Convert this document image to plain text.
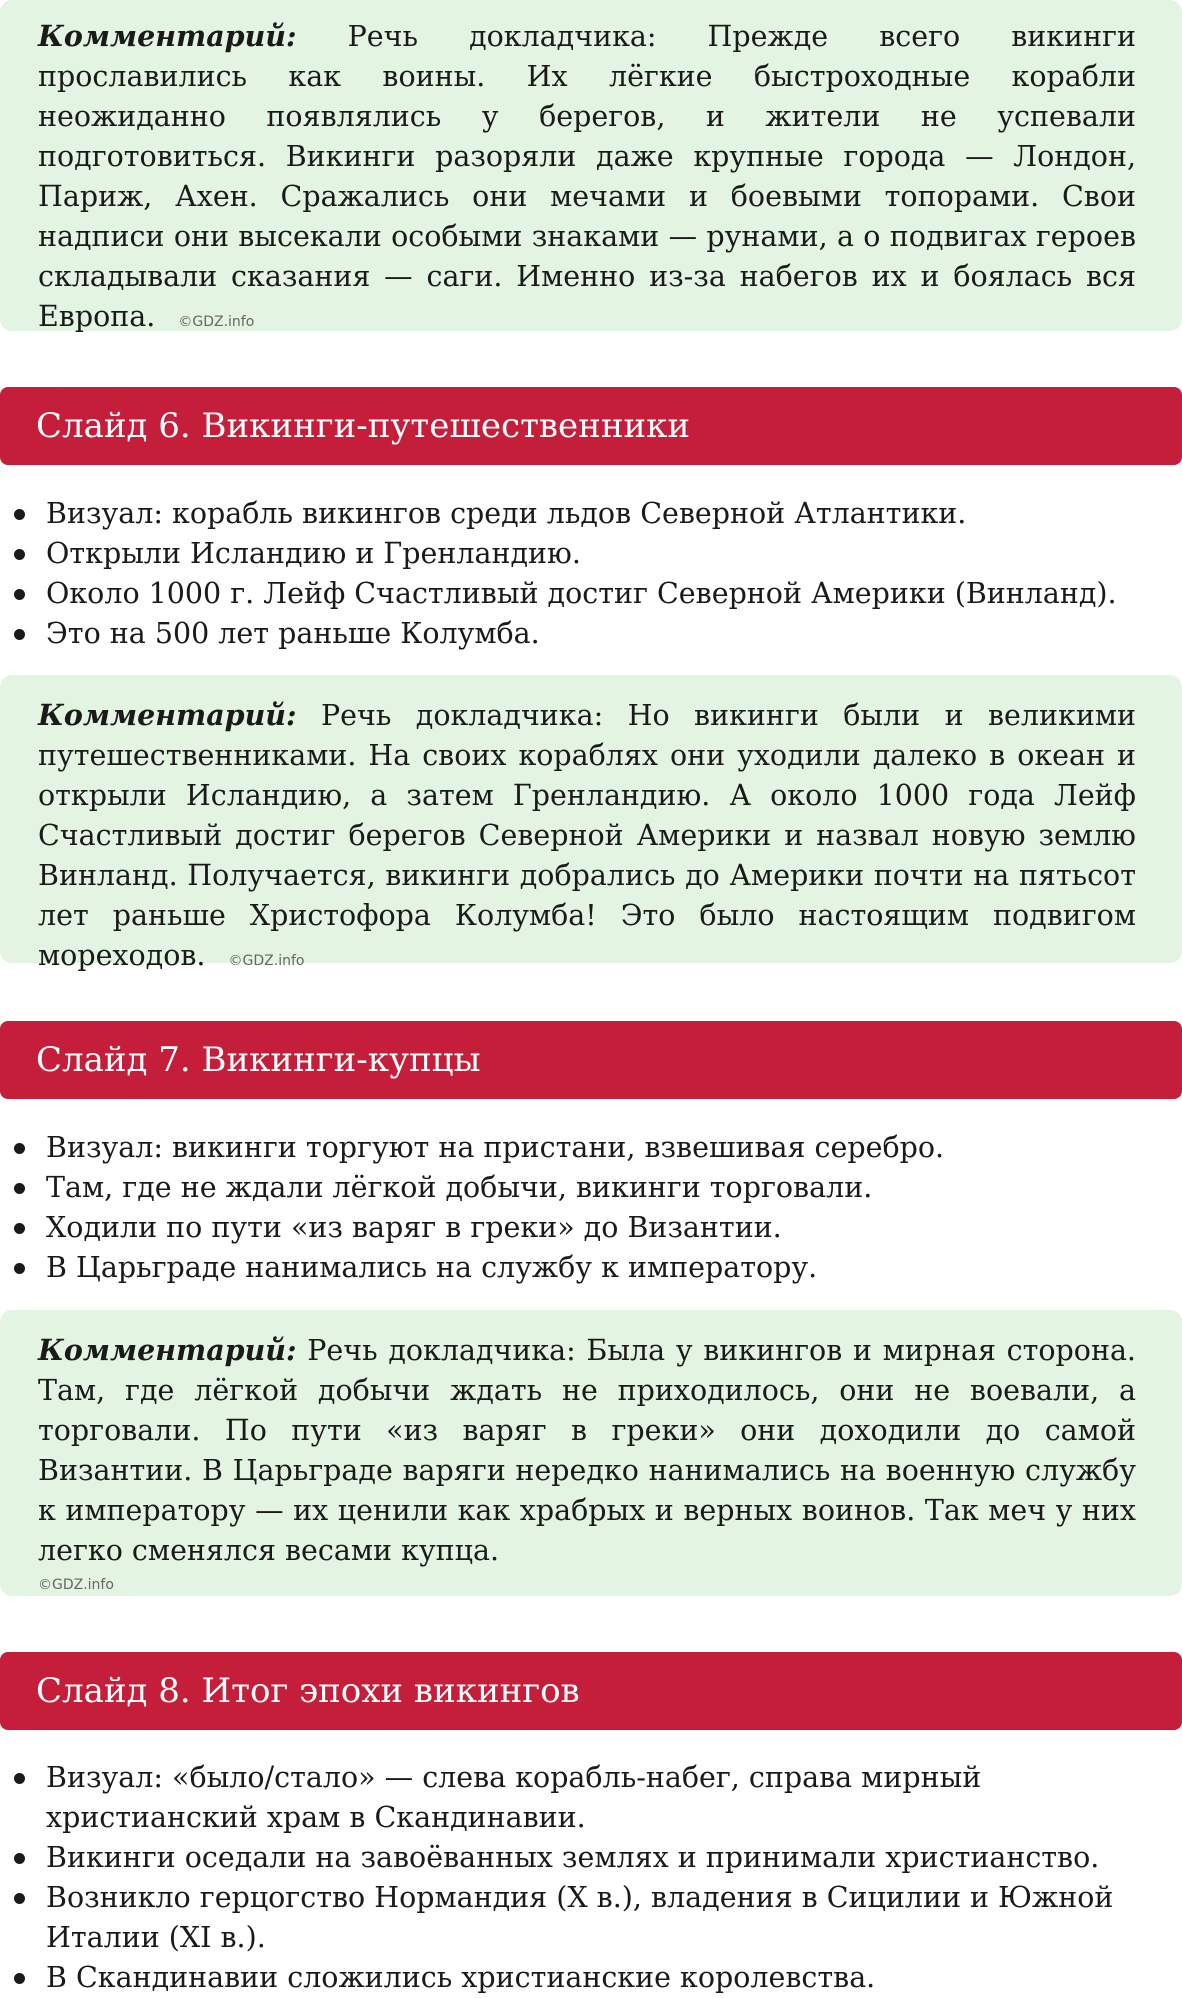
Комментарий: Речь докладчика: Прежде всего викинги прославились как воины. Их лёгкие быстроходные корабли неожиданно появлялись у берегов, и жители не успевали подготовиться. Викинги разоряли даже крупные города — Лондон, Париж, Ахен. Сражались они мечами и боевыми топорами. Свои надписи они высекали особыми знаками — рунами, а о подвигах героев складывали сказания — саги. Именно из-за набегов их и боялась вся Европа. ©GDZ.info
Слайд 6. Викинги-путешественники
Визуал: корабль викингов среди льдов Северной Атлантики.
Открыли Исландию и Гренландию.
Около 1000 г. Лейф Счастливый достиг Северной Америки (Винланд).
Это на 500 лет раньше Колумба.
Комментарий: Речь докладчика: Но викинги были и великими путешественниками. На своих кораблях они уходили далеко в океан и открыли Исландию, а затем Гренландию. А около 1000 года Лейф Счастливый достиг берегов Северной Америки и назвал новую землю Винланд. Получается, викинги добрались до Америки почти на пятьсот лет раньше Христофора Колумба! Это было настоящим подвигом мореходов. ©GDZ.info
Слайд 7. Викинги-купцы
Визуал: викинги торгуют на пристани, взвешивая серебро.
Там, где не ждали лёгкой добычи, викинги торговали.
Ходили по пути «из варяг в греки» до Византии.
В Царьграде нанимались на службу к императору.
Комментарий: Речь докладчика: Была у викингов и мирная сторона. Там, где лёгкой добычи ждать не приходилось, они не воевали, а торговали. По пути «из варяг в греки» они доходили до самой Византии. В Царьграде варяги нередко нанимались на военную службу к императору — их ценили как храбрых и верных воинов. Так меч у них легко сменялся весами купца.
©GDZ.info
Слайд 8. Итог эпохи викингов
Визуал: «было/стало» — слева корабль-набег, справа мирный христианский храм в Скандинавии.
Викинги оседали на завоёванных землях и принимали христианство.
Возникло герцогство Нормандия (X в.), владения в Сицилии и Южной Италии (XI в.).
В Скандинавии сложились христианские королевства.
